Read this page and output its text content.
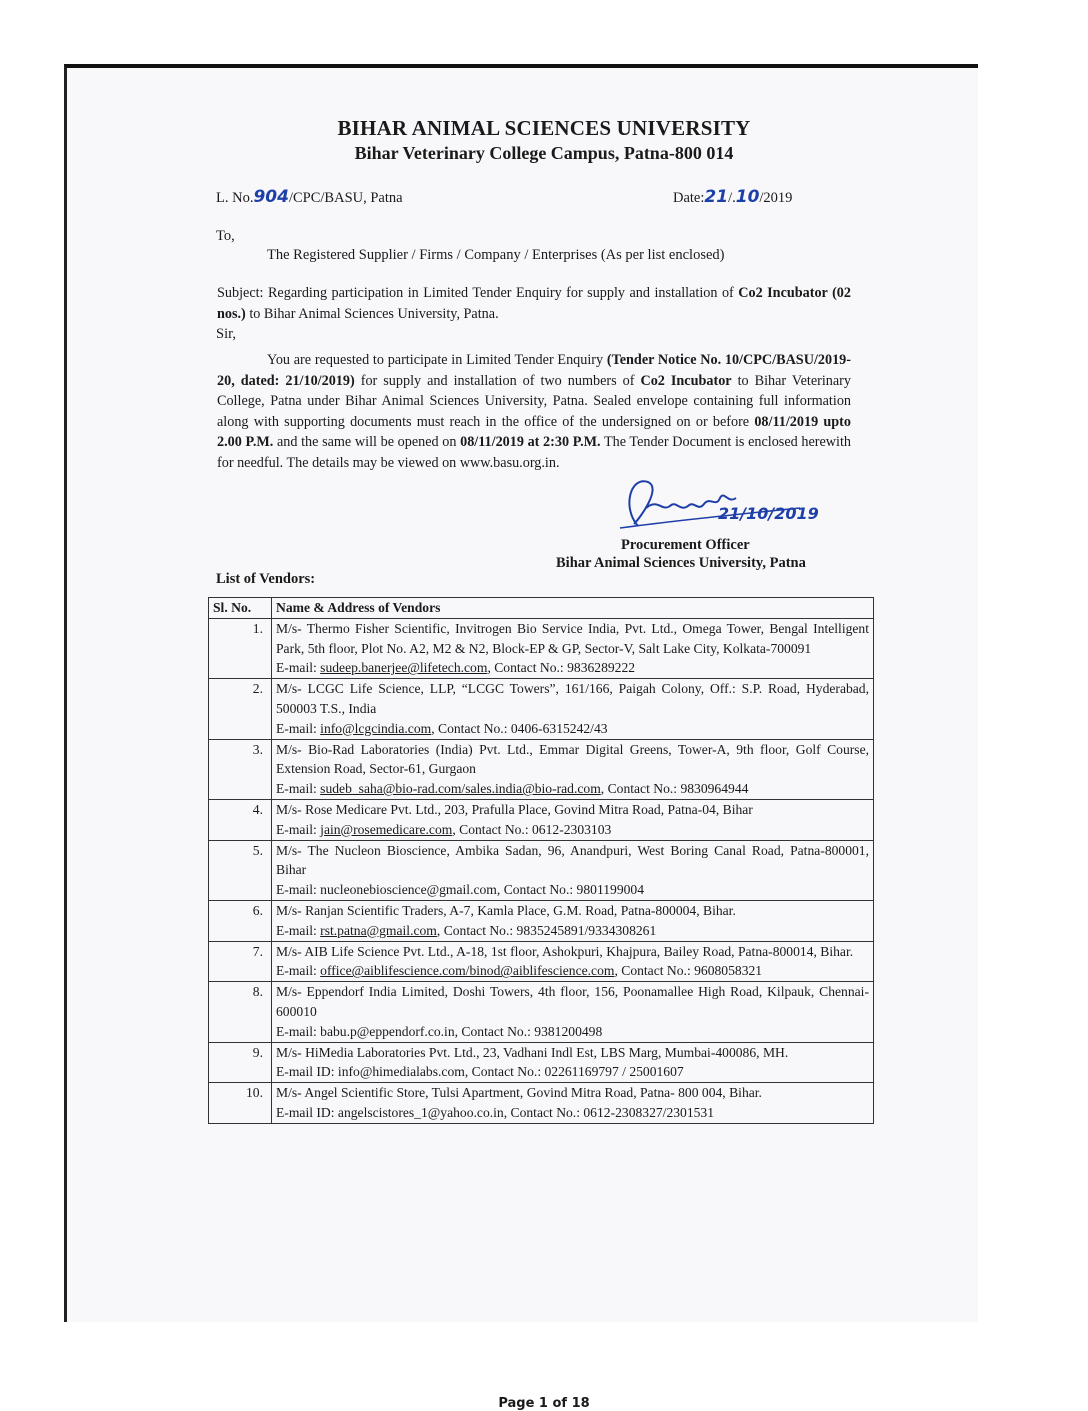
BIHAR ANIMAL SCIENCES UNIVERSITY
Bihar Veterinary College Campus, Patna-800 014
L. No.904/CPC/BASU, Patna	Date:21/.10/2019
To,
The Registered Supplier / Firms / Company / Enterprises (As per list enclosed)
Subject: Regarding participation in Limited Tender Enquiry for supply and installation of Co2 Incubator (02 nos.) to Bihar Animal Sciences University, Patna.
Sir,
You are requested to participate in Limited Tender Enquiry (Tender Notice No. 10/CPC/BASU/2019-20, dated: 21/10/2019) for supply and installation of two numbers of Co2 Incubator to Bihar Veterinary College, Patna under Bihar Animal Sciences University, Patna. Sealed envelope containing full information along with supporting documents must reach in the office of the undersigned on or before 08/11/2019 upto 2.00 P.M. and the same will be opened on 08/11/2019 at 2:30 P.M. The Tender Document is enclosed herewith for needful. The details may be viewed on www.basu.org.in.
21/10/2019
Procurement Officer
Bihar Animal Sciences University, Patna
List of Vendors:
Sl. No.	Name & Address of Vendors
1.	M/s- Thermo Fisher Scientific, Invitrogen Bio Service India, Pvt. Ltd., Omega Tower, Bengal Intelligent Park, 5th floor, Plot No. A2, M2 & N2, Block-EP & GP, Sector-V, Salt Lake City, Kolkata-700091
E-mail: sudeep.banerjee@lifetech.com, Contact No.: 9836289222

2.	M/s- LCGC Life Science, LLP, “LCGC Towers”, 161/166, Paigah Colony, Off.: S.P. Road, Hyderabad, 500003 T.S., India
E-mail: info@lcgcindia.com, Contact No.: 0406-6315242/43

3.	M/s- Bio-Rad Laboratories (India) Pvt. Ltd., Emmar Digital Greens, Tower-A, 9th floor, Golf Course, Extension Road, Sector-61, Gurgaon
E-mail: sudeb_saha@bio-rad.com/sales.india@bio-rad.com, Contact No.: 9830964944

4.	M/s- Rose Medicare Pvt. Ltd., 203, Prafulla Place, Govind Mitra Road, Patna-04, Bihar
E-mail: jain@rosemedicare.com, Contact No.: 0612-2303103

5.	M/s- The Nucleon Bioscience, Ambika Sadan, 96, Anandpuri, West Boring Canal Road, Patna-800001, Bihar
E-mail: nucleonebioscience@gmail.com, Contact No.: 9801199004

6.	M/s- Ranjan Scientific Traders, A-7, Kamla Place, G.M. Road, Patna-800004, Bihar.
E-mail: rst.patna@gmail.com, Contact No.: 9835245891/9334308261

7.	M/s- AIB Life Science Pvt. Ltd., A-18, 1st floor, Ashokpuri, Khajpura, Bailey Road, Patna-800014, Bihar.
E-mail: office@aiblifescience.com/binod@aiblifescience.com, Contact No.: 9608058321

8.	M/s- Eppendorf India Limited, Doshi Towers, 4th floor, 156, Poonamallee High Road, Kilpauk, Chennai-600010
E-mail: babu.p@eppendorf.co.in, Contact No.: 9381200498

9.	M/s- HiMedia Laboratories Pvt. Ltd., 23, Vadhani Indl Est, LBS Marg, Mumbai-400086, MH.
E-mail ID: info@himedialabs.com, Contact No.: 02261169797 / 25001607

10.	M/s- Angel Scientific Store, Tulsi Apartment, Govind Mitra Road, Patna- 800 004, Bihar.
E-mail ID: angelscistores_1@yahoo.co.in, Contact No.: 0612-2308327/2301531
Page 1 of 18
